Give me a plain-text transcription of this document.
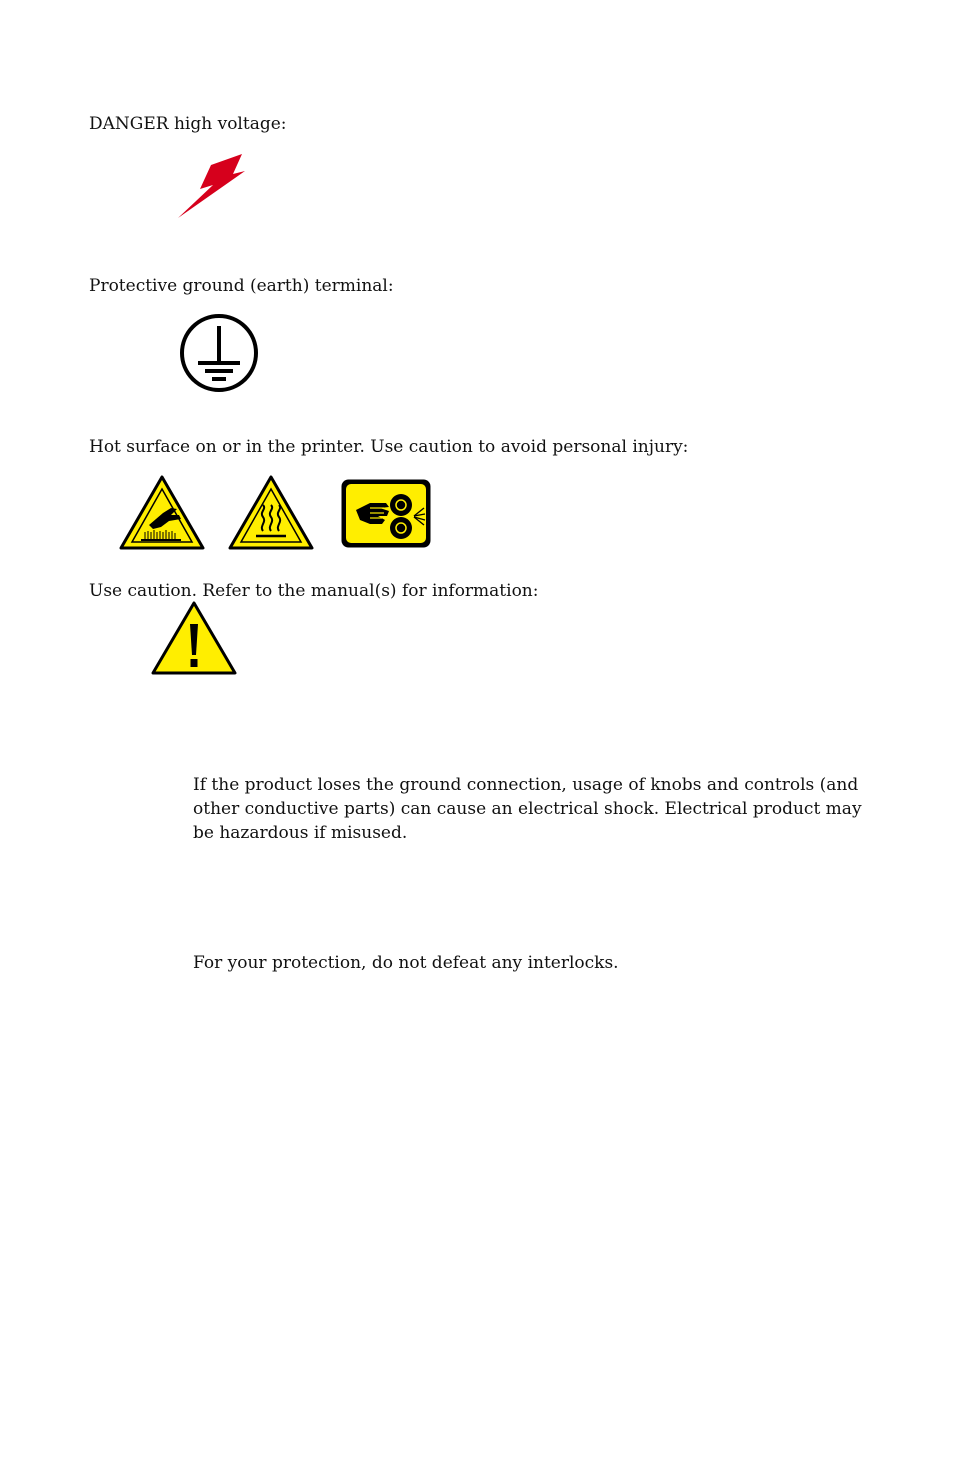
DANGER high voltage:
Protective ground (earth) terminal:
Hot surface on or in the printer. Use caution to avoid personal injury:
Use caution. Refer to the manual(s) for information:
If the product loses the ground connection, usage of knobs and controls (and other conductive parts) can cause an electrical shock. Electrical product may be hazardous if misused.
For your protection, do not defeat any interlocks.
